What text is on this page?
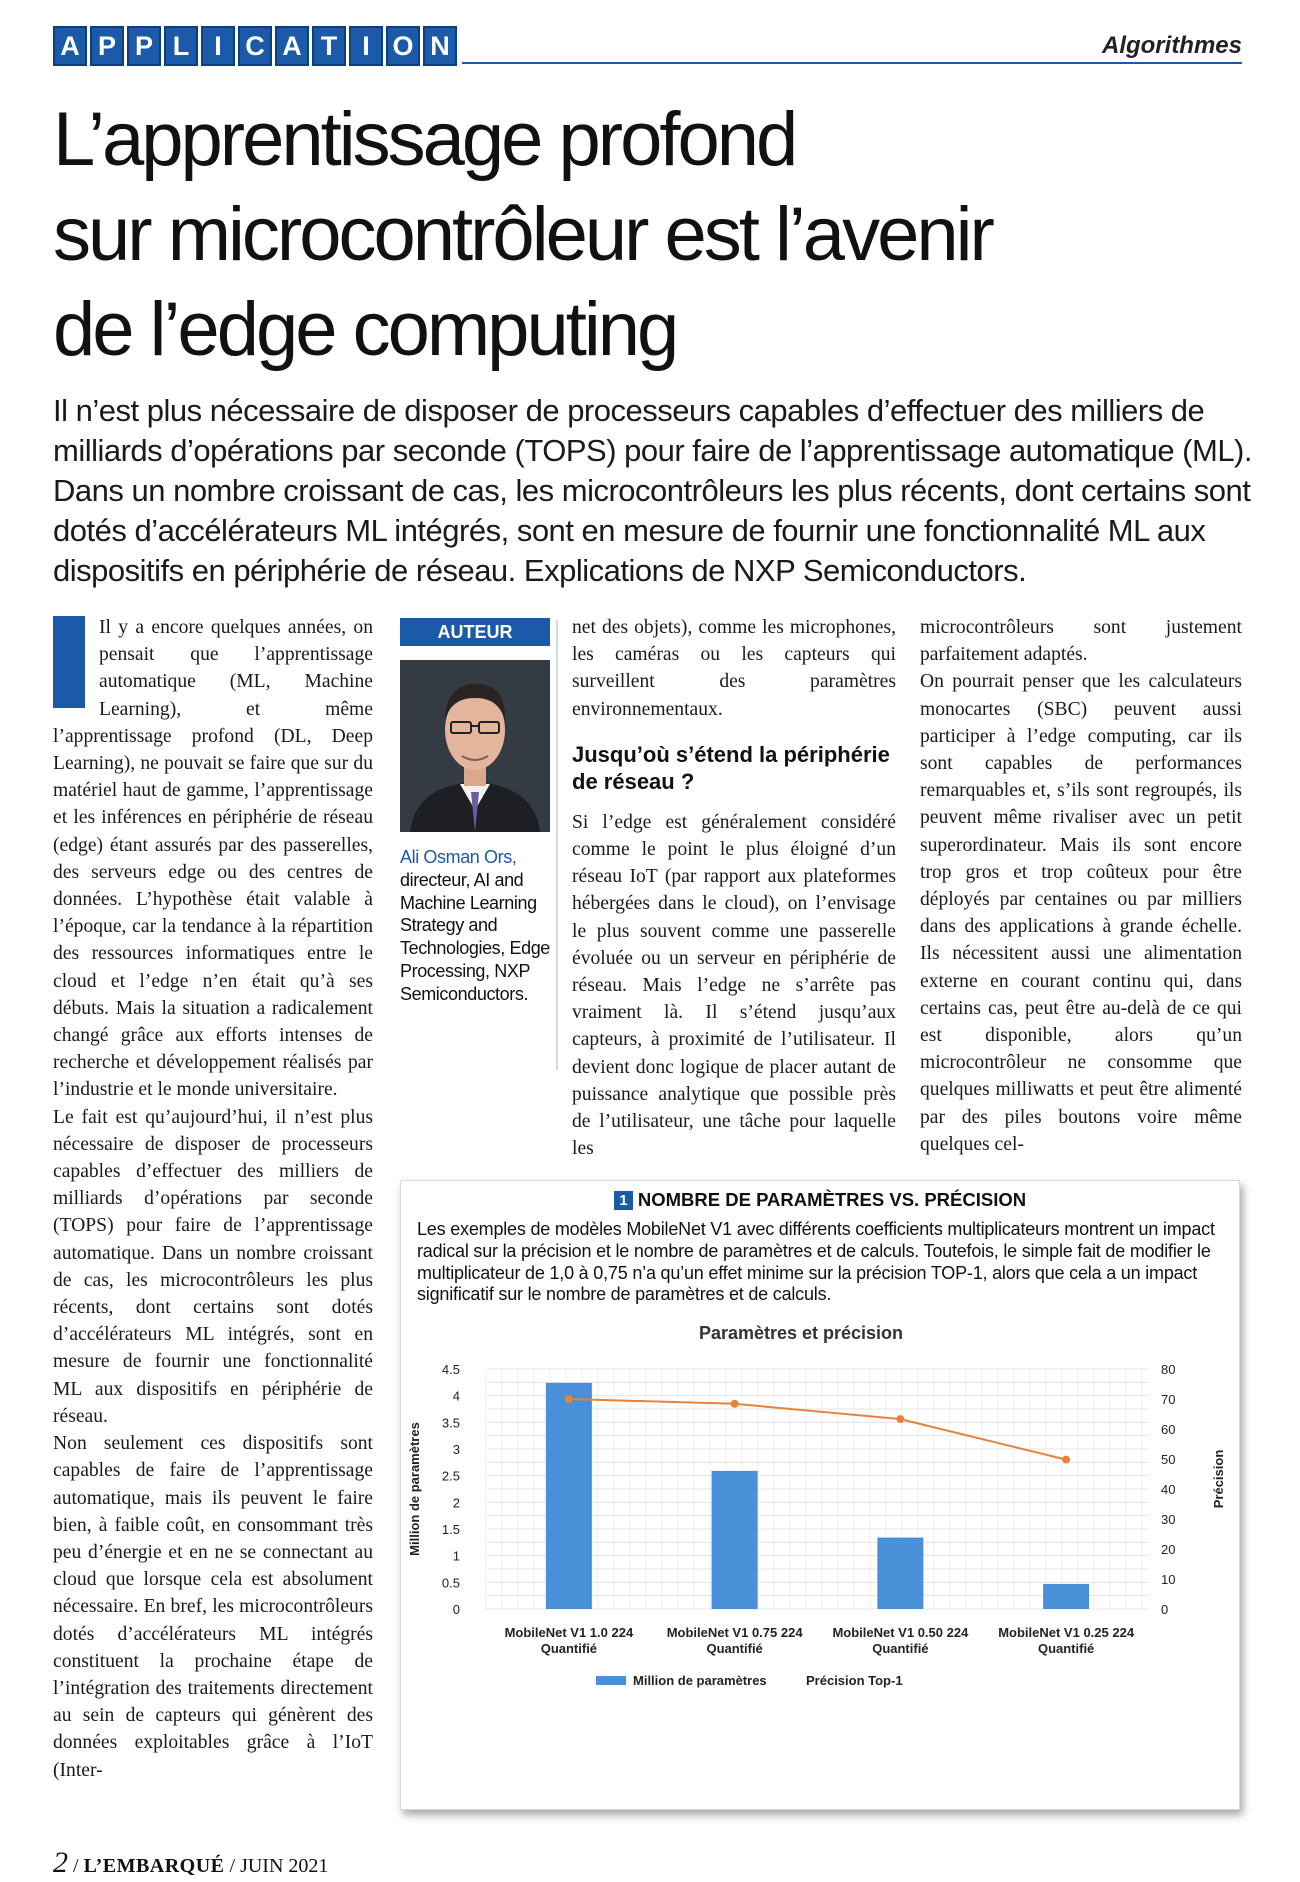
A P P L I C A T I O N	Algorithmes
L’apprentissage profond
sur microcontrôleur est l’avenir
de l’edge computing
Il n’est plus nécessaire de disposer de processeurs capables d’effectuer des milliers de milliards d’opérations par seconde (TOPS) pour faire de l’apprentissage automatique (ML). Dans un nombre croissant de cas, les microcontrôleurs les plus récents, dont certains sont dotés d’accélérateurs ML intégrés, sont en mesure de fournir une fonctionnalité ML aux dispositifs en périphérie de réseau. Explications de NXP Semiconductors.

Il y a encore quelques années, on pensait que l’apprentissage automatique (ML, Machine Learning), et même l’apprentissage profond (DL, Deep Learning), ne pouvait se faire que sur du matériel haut de gamme, l’apprentissage et les inférences en périphérie de réseau (edge) étant assurés par des passerelles, des serveurs edge ou des centres de données. L’hypothèse était valable à l’époque, car la tendance à la répartition des ressources informatiques entre le cloud et l’edge n’en était qu’à ses débuts. Mais la situation a radicalement changé grâce aux efforts intenses de recherche et développement réalisés par l’industrie et le monde universitaire.

Le fait est qu’aujourd’hui, il n’est plus nécessaire de disposer de processeurs capables d’effectuer des milliers de milliards d’opérations par seconde (TOPS) pour faire de l’apprentissage automatique. Dans un nombre croissant de cas, les microcontrôleurs les plus récents, dont certains sont dotés d’accélérateurs ML intégrés, sont en mesure de fournir une fonctionnalité ML aux dispositifs en périphérie de réseau.

Non seulement ces dispositifs sont capables de faire de l’apprentissage automatique, mais ils peuvent le faire bien, à faible coût, en consommant très peu d’énergie et en ne se connectant au cloud que lorsque cela est absolument nécessaire. En bref, les microcontrôleurs dotés d’accélérateurs ML intégrés constituent la prochaine étape de l’intégration des traitements directement au sein de capteurs qui génèrent des données exploitables grâce à l’IoT (Inter-

AUTEUR
Ali Osman Ors,
directeur, AI and Machine Learning Strategy and Technologies, Edge Processing, NXP Semiconductors.

net des objets), comme les microphones, les caméras ou les capteurs qui surveillent des paramètres environnementaux.

Jusqu’où s’étend la périphérie de réseau ?

Si l’edge est généralement considéré comme le point le plus éloigné d’un réseau IoT (par rapport aux plateformes hébergées dans le cloud), on l’envisage le plus souvent comme une passerelle évoluée ou un serveur en périphérie de réseau. Mais l’edge ne s’arrête pas vraiment là. Il s’étend jusqu’aux capteurs, à proximité de l’utilisateur. Il devient donc logique de placer autant de puissance analytique que possible près de l’utilisateur, une tâche pour laquelle les

microcontrôleurs sont justement parfaitement adaptés.

On pourrait penser que les calculateurs monocartes (SBC) peuvent aussi participer à l’edge computing, car ils sont capables de performances remarquables et, s’ils sont regroupés, ils peuvent même rivaliser avec un petit superordinateur. Mais ils sont encore trop gros et trop coûteux pour être déployés par centaines ou par milliers dans des applications à grande échelle. Ils nécessitent aussi une alimentation externe en courant continu qui, dans certains cas, peut être au-delà de ce qui est disponible, alors qu’un microcontrôleur ne consomme que quelques milliwatts et peut être alimenté par des piles boutons voire même quelques cel-

1 NOMBRE DE PARAMÈTRES VS. PRÉCISION
Les exemples de modèles MobileNet V1 avec différents coefficients multiplicateurs montrent un impact radical sur la précision et le nombre de paramètres et de calculs. Toutefois, le simple fait de modifier le multiplicateur de 1,0 à 0,75 n’a qu’un effet minime sur la précision TOP-1, alors que cela a un impact significatif sur le nombre de paramètres et de calculs.
Paramètres et précision
0
0.5
1
1.5
2
2.5
3
3.5
4
4.5
0
10
20
30
40
50
60
70
80
Million de paramètres	Précision
MobileNet V1 1.0 224
Quantifié
MobileNet V1 0.75 224
Quantifié
MobileNet V1 0.50 224
Quantifié
MobileNet V1 0.25 224
Quantifié
Million de paramètres	Précision Top-1
2 / L’EMBARQUÉ / JUIN 2021
